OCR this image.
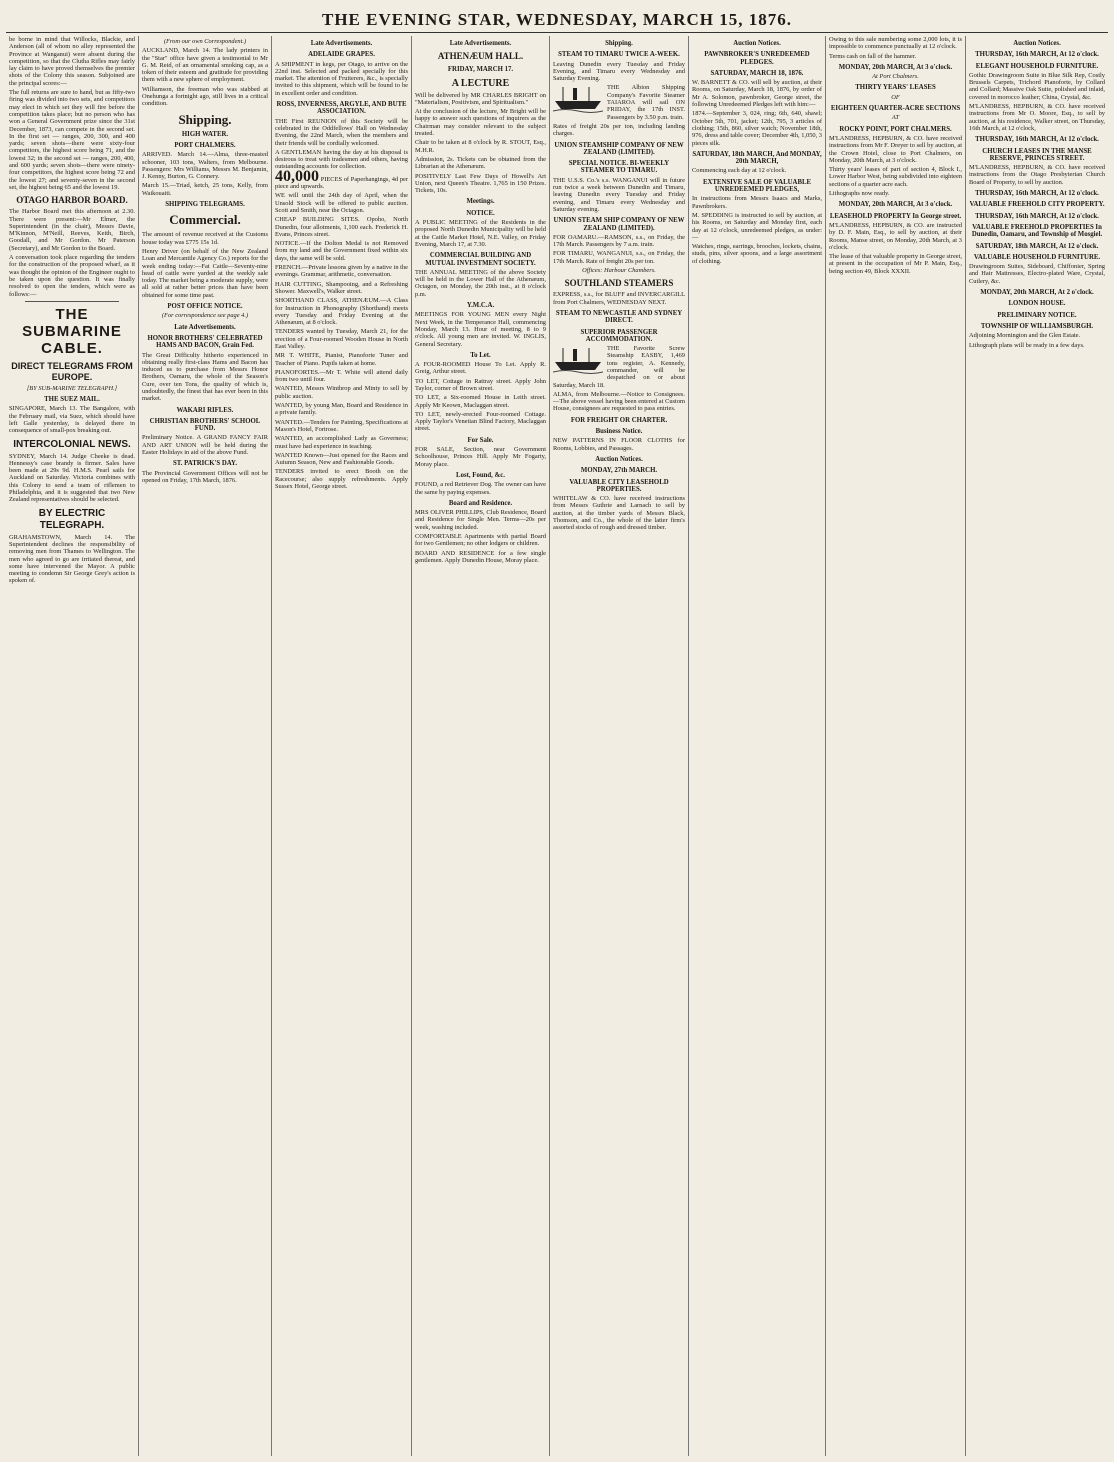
THE EVENING STAR, WEDNESDAY, MARCH 15, 1876.

be borne in mind that Willocks, Blackie, and Anderson (all of whom no alley represented the Province at Wanganui) were absent during the competition, so that the Clutha Rifles may fairly lay claim to have proved themselves the premier shots of the Colony this season. Subjoined are the principal scores:—

The full returns are sure to hand, but as fifty-two firing was divided into two sets, and competitors may elect in which set they will fire before the competition takes place; but no person who has won a General Government prize since the 31st December, 1873, can compete in the second set. In the first set — ranges, 200, 300, and 400 yards; seven shots—there were sixty-four competitors, the highest score being 71, and the lowest 32; in the second set — ranges, 200, 400, and 600 yards; seven shots—there were ninety-four competitors, the highest score being 72 and the lowest 27; and seventy-seven in the second set, the highest being 65 and the lowest 19.

OTAGO HARBOR BOARD.

The Harbor Board met this afternoon at 2.30. There were present:—Mr Elmer, the Superintendent (in the chair), Messrs Davie, M'Kinnon, M'Neill, Reeves, Keith, Birch, Goodall, and Mr Gordon. Mr Paterson (Secretary), and Mr Gordon to the Board.

A conversation took place regarding the tenders for the construction of the proposed wharf, as it was thought the opinion of the Engineer ought to be taken upon the question. It was finally resolved to open the tenders, which were as follows:—

THE SUBMARINE CABLE.
DIRECT TELEGRAMS FROM EUROPE.
[BY SUB-MARINE TELEGRAPH.]
THE SUEZ MAIL.

SINGAPORE, March 13. The Bangalore, with the February mail, via Suez, which should have left Galle yesterday, is delayed there in consequence of small-pox breaking out.

INTERCOLONIAL NEWS.

SYDNEY, March 14. Judge Cheeke is dead. Hennessy's case brandy is firmer. Sales have been made at 29s 9d. H.M.S. Pearl sails for Auckland on Saturday. Victoria combines with this Colony to send a team of riflemen to Philadelphia, and it is suggested that two New Zealand representatives should be selected.

BY ELECTRIC TELEGRAPH.

GRAHAMSTOWN, March 14. The Superintendent declines the responsibility of removing men from Thames to Wellington. The men who agreed to go are irritated thereat, and some have intervened the Mayor. A public meeting to condemn Sir George Grey's action is spoken of.

(From our own Correspondent.)

AUCKLAND, March 14. The lady printers in the "Star" office have given a testimonial to Mr G. M. Reid, of an ornamental smoking cap, as a token of their esteem and gratitude for providing them with a new sphere of employment.

Williamson, the freeman who was stabbed at Onehunga a fortnight ago, still lives in a critical condition.

Shipping.
HIGH WATER.
PORT CHALMERS.

ARRIVED. March 14.—Alma, three-masted schooner, 103 tons, Walters, from Melbourne. Passengers: Mrs Williams, Messrs M. Benjamin, J. Kenny, Burton, G. Connery.

March 15.—Triad, ketch, 25 tons, Kelly, from Waikouaiti.

SHIPPING TELEGRAMS.
Commercial.

The amount of revenue received at the Customs house today was £775 15s 1d.

Henry Driver (on behalf of the New Zealand Loan and Mercantile Agency Co.) reports for the week ending today:—Fat Cattle—Seventy-nine head of cattle were yarded at the weekly sale today. The market being a moderate supply, were all sold at rather better prices than have been obtained for some time past.

POST OFFICE NOTICE.
(For correspondence see page 4.)
Late Advertisements.
HONOR BROTHERS' CELEBRATED HAMS AND BACON, Grain Fed.

The Great Difficulty hitherto experienced in obtaining really first-class Hams and Bacon has induced us to purchase from Messrs Honor Brothers, Oamaru, the whole of the Season's Cure, over ten Tons, the quality of which is, undoubtedly, the finest that has ever been in this market.

WAKARI RIFLES.
CHRISTIAN BROTHERS' SCHOOL FUND.

Preliminary Notice. A GRAND FANCY FAIR AND ART UNION will be held during the Easter Holidays in aid of the above Fund.

ST. PATRICK'S DAY.

The Provincial Government Offices will not be opened on Friday, 17th March, 1876.

Late Advertisements.
ADELAIDE GRAPES.

A SHIPMENT in kegs, per Otago, to arrive on the 22nd inst. Selected and packed specially for this market. The attention of Fruiterers, &c., is specially invited to this shipment, which will be found to be in excellent order and condition.

ROSS, INVERNESS, ARGYLE, AND BUTE ASSOCIATION.

THE First REUNION of this Society will be celebrated in the Oddfellows' Hall on Wednesday Evening, the 22nd March, when the members and their friends will be cordially welcomed.

A GENTLEMAN having the day at his disposal is desirous to treat with tradesmen and others, having outstanding accounts for collection.

40,000 PIECES of Paperhangings, 4d per piece and upwards.

WE will until the 24th day of April, when the Unsold Stock will be offered to public auction. Scott and Smith, near the Octagon.

CHEAP BUILDING SITES. Opoho, North Dunedin, four allotments, 1,100 each. Frederick H. Evans, Princes street.

NOTICE.—If the Dolton Medal is not Removed from my land and the Government fixed within six days, the same will be sold.

FRENCH.—Private lessons given by a native in the evenings. Grammar, arithmetic, conversation.

HAIR CUTTING, Shampooing, and a Refreshing Shower. Maxwell's, Walker street.

SHORTHAND CLASS, ATHENÆUM.—A Class for Instruction in Phonography (Shorthand) meets every Tuesday and Friday Evening at the Athenæum, at 8 o'clock.

TENDERS wanted by Tuesday, March 21, for the erection of a Four-roomed Wooden House in North East Valley.

MR T. WHITE, Pianist, Pianoforte Tuner and Teacher of Piano. Pupils taken at home.

PIANOFORTES.—Mr T. White will attend daily from two until four.

WANTED, Messrs Winthrop and Minty to sell by public auction.

WANTED, by young Man, Board and Residence in a private family.

WANTED.—Tenders for Painting, Specifications at Mason's Hotel, Fortrose.

WANTED, an accomplished Lady as Governess; must have had experience in teaching.

WANTED Known—Just opened for the Races and Autumn Season, New and Fashionable Goods.

TENDERS invited to erect Booth on the Racecourse; also supply refreshments. Apply Sussex Hotel, George street.

Late Advertisements.
ATHENÆUM HALL.
FRIDAY, MARCH 17.
A LECTURE

Will be delivered by MR CHARLES BRIGHT on "Materialism, Positivism, and Spiritualism."

At the conclusion of the lecture, Mr Bright will be happy to answer such questions of inquirers as the Chairman may consider relevant to the subject treated.

Chair to be taken at 8 o'clock by R. STOUT, Esq., M.H.R.

Admission, 2s. Tickets can be obtained from the Librarian at the Athenæum.

POSITIVELY Last Few Days of Howell's Art Union, next Queen's Theatre. 1,765 in 150 Prizes. Tickets, 10s.

Meetings.
NOTICE.

A PUBLIC MEETING of the Residents in the proposed North Dunedin Municipality will be held at the Cattle Market Hotel, N.E. Valley, on Friday Evening, March 17, at 7.30.

COMMERCIAL BUILDING AND MUTUAL INVESTMENT SOCIETY.

THE ANNUAL MEETING of the above Society will be held in the Lower Hall of the Athenæum, Octagon, on Monday, the 20th inst., at 8 o'clock p.m.

Y.M.C.A.

MEETINGS FOR YOUNG MEN every Night Next Week, in the Temperance Hall, commencing Monday, March 13. Hour of meeting, 8 to 9 o'clock. All young men are invited. W. INGLIS, General Secretary.

To Let.

A FOUR-ROOMED House To Let. Apply R. Greig, Arthur street.

TO LET, Cottage in Rattray street. Apply John Taylor, corner of Brown street.

TO LET, a Six-roomed House in Leith street. Apply Mr Keown, Maclaggan street.

TO LET, newly-erected Four-roomed Cottage. Apply Taylor's Venetian Blind Factory, Maclaggan street.

For Sale.

FOR SALE, Section, near Government Schoolhouse, Princes Hill. Apply Mr Fogarty, Moray place.

Lost, Found, &c.

FOUND, a red Retriever Dog. The owner can have the same by paying expenses.

Board and Residence.

MRS OLIVER PHILLIPS, Club Residence, Board and Residence for Single Men. Terms—20s per week, washing included.

COMFORTABLE Apartments with partial Board for two Gentlemen; no other lodgers or children.

BOARD AND RESIDENCE for a few single gentlemen. Apply Dunedin House, Moray place.

Shipping.
STEAM TO TIMARU TWICE A-WEEK.

Leaving Dunedin every Tuesday and Friday Evening, and Timaru every Wednesday and Saturday Evening.

THE Albion Shipping Company's Favorite Steamer TAIAROA will sail ON FRIDAY, the 17th INST. Passengers by 3.50 p.m. train.

Rates of freight 20s per ton, including landing charges.

UNION STEAMSHIP COMPANY OF NEW ZEALAND (LIMITED).
SPECIAL NOTICE. BI-WEEKLY STEAMER TO TIMARU.

THE U.S.S. Co.'s s.s. WANGANUI will in future run twice a week between Dunedin and Timaru, leaving Dunedin every Tuesday and Friday evening, and Timaru every Wednesday and Saturday evening.

UNION STEAM SHIP COMPANY OF NEW ZEALAND (LIMITED).

FOR OAMARU.—RAMSON, s.s., on Friday, the 17th March. Passengers by 7 a.m. train.

FOR TIMARU, WANGANUI, s.s., on Friday, the 17th March. Rate of freight 20s per ton.

Offices: Harbour Chambers.
SOUTHLAND STEAMERS

EXPRESS, s.s., for BLUFF and INVERCARGILL from Port Chalmers, WEDNESDAY NEXT.

STEAM TO NEWCASTLE AND SYDNEY DIRECT.
SUPERIOR PASSENGER ACCOMMODATION.

THE Favorite Screw Steamship EASBY, 1,469 tons register, A. Kennedy, commander, will be despatched on or about Saturday, March 18.

ALMA, from Melbourne.—Notice to Consignees.—The above vessel having been entered at Custom House, consignees are requested to pass entries.

FOR FREIGHT OR CHARTER.
Business Notice.

NEW PATTERNS IN FLOOR CLOTHS for Rooms, Lobbies, and Passages.

Auction Notices.
MONDAY, 27th MARCH.
VALUABLE CITY LEASEHOLD PROPERTIES.

WHITELAW & CO. have received instructions from Messrs Guthrie and Larnach to sell by auction, at the timber yards of Messrs Black, Thomson, and Co., the whole of the latter firm's assorted stocks of rough and dressed timber.

Auction Notices.
PAWNBROKER'S UNREDEEMED PLEDGES.
SATURDAY, MARCH 18, 1876.

W. BARNETT & CO. will sell by auction, at their Rooms, on Saturday, March 18, 1876, by order of Mr A. Solomon, pawnbroker, George street, the following Unredeemed Pledges left with him:—

1874.—September 3, 024, ring; 6th, 640, shawl; October 5th, 701, jacket; 12th, 795, 3 articles of clothing; 15th, 860, silver watch; November 18th, 976, dress and table cover; December 4th, 1,050, 3 pieces silk.

SATURDAY, 18th MARCH, And MONDAY, 20th MARCH,

Commencing each day at 12 o'clock.

EXTENSIVE SALE OF VALUABLE UNREDEEMED PLEDGES,

In instructions from Messrs Isaacs and Marks, Pawnbrokers.

M. SPEDDING is instructed to sell by auction, at his Rooms, on Saturday and Monday first, each day at 12 o'clock, unredeemed pledges, as under:—

Watches, rings, earrings, brooches, lockets, chains, studs, pins, silver spoons, and a large assortment of clothing.

Owing to this sale numbering some 2,000 lots, it is impossible to commence punctually at 12 o'clock.

Terms cash on fall of the hammer.

MONDAY, 20th MARCH, At 3 o'clock.
At Port Chalmers.
THIRTY YEARS' LEASES
OF
EIGHTEEN QUARTER-ACRE SECTIONS
AT
ROCKY POINT, PORT CHALMERS.

M'LANDRESS, HEPBURN, & CO. have received instructions from Mr F. Dreyer to sell by auction, at the Crown Hotel, close to Port Chalmers, on Monday, 20th March, at 3 o'clock.

Thirty years' leases of part of section 4, Block I., Lower Harbor West, being subdivided into eighteen sections of a quarter acre each.

Lithographs now ready.

MONDAY, 20th MARCH, At 3 o'clock.
LEASEHOLD PROPERTY In George street.

M'LANDRESS, HEPBURN, & CO. are instructed by D. F. Main, Esq., to sell by auction, at their Rooms, Manse street, on Monday, 20th March, at 3 o'clock.

The lease of that valuable property in George street, at present in the occupation of Mr P. Main, Esq., being section 49, Block XXXII.

Auction Notices.
THURSDAY, 16th MARCH, At 12 o'clock.
ELEGANT HOUSEHOLD FURNITURE.

Gothic Drawingroom Suite in Blue Silk Rep, Costly Brussels Carpets, Trichord Pianoforte, by Collard and Collard; Massive Oak Suite, polished and inlaid, covered in morocco leather; China, Crystal, &c.

M'LANDRESS, HEPBURN, & CO. have received instructions from Mr O. Moore, Esq., to sell by auction, at his residence, Walker street, on Thursday, 16th March, at 12 o'clock,

THURSDAY, 16th MARCH, At 12 o'clock.
CHURCH LEASES IN THE MANSE RESERVE, PRINCES STREET.

M'LANDRESS, HEPBURN, & CO. have received instructions from the Otago Presbyterian Church Board of Property, to sell by auction.

THURSDAY, 16th MARCH, At 12 o'clock.
VALUABLE FREEHOLD CITY PROPERTY.
THURSDAY, 16th MARCH, At 12 o'clock.
VALUABLE FREEHOLD PROPERTIES In Dunedin, Oamaru, and Township of Mosgiel.
SATURDAY, 18th MARCH, At 12 o'clock.
VALUABLE HOUSEHOLD FURNITURE.

Drawingroom Suites, Sideboard, Chiffonier, Spring and Hair Mattresses, Electro-plated Ware, Crystal, Cutlery, &c.

MONDAY, 20th MARCH, At 2 o'clock.
LONDON HOUSE.
PRELIMINARY NOTICE.
TOWNSHIP OF WILLIAMSBURGH.

Adjoining Mornington and the Glen Estate.

Lithograph plans will be ready in a few days.
